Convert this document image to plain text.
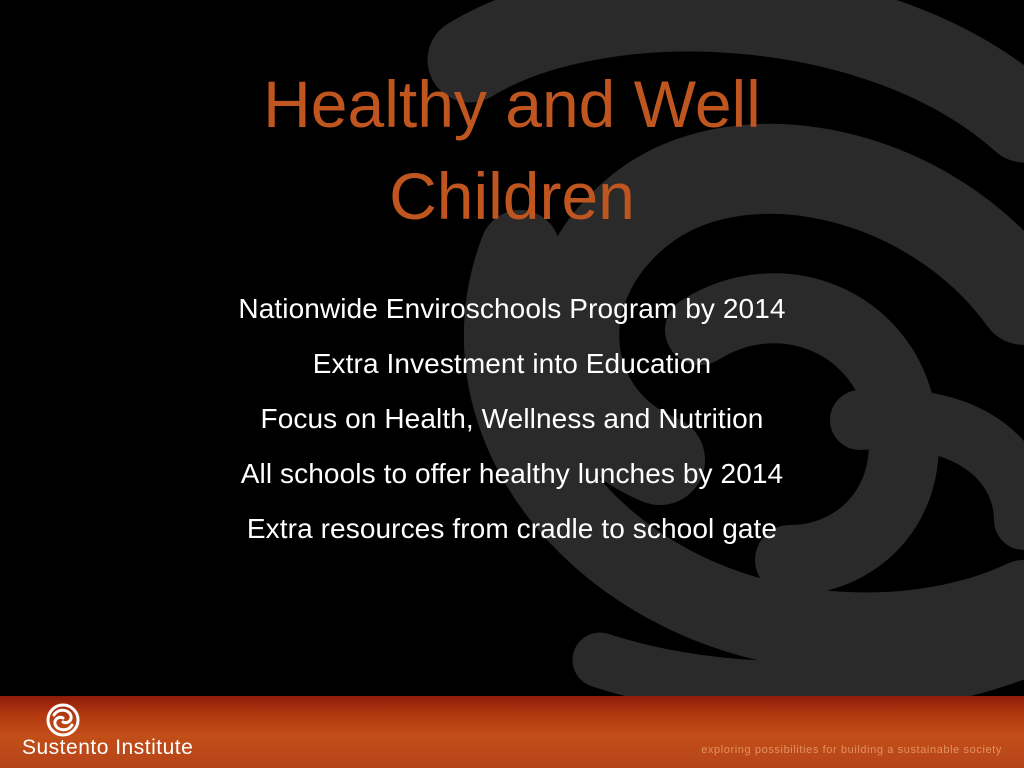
Healthy and Well
Children
Nationwide Enviroschools Program by 2014
Extra Investment into Education
Focus on Health, Wellness and Nutrition
All schools to offer healthy lunches by 2014
Extra resources from cradle to school gate
Sustento Institute	exploring possibilities for building a sustainable society
